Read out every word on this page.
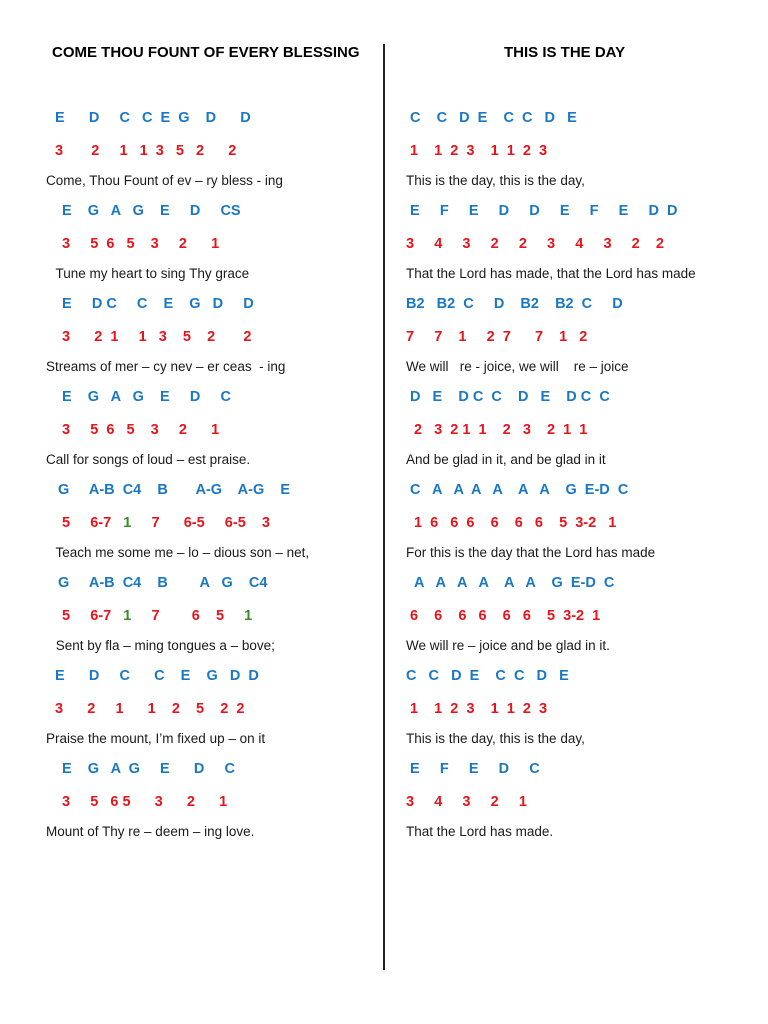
COME THOU FOUNT OF EVERY BLESSING
E      D     C   C  E  G    D      D
3       2     1   1  3   5   2      2
Come, Thou Fount of ev – ry bless - ing
E    G   A   G    E     D     CS
3     5  6   5    3     2      1
Tune my heart to sing Thy grace
E     D C     C    E    G   D     D
3      2  1     1   3    5    2       2
Streams of mer – cy nev – er ceas  - ing
E    G   A   G    E     D     C
3     5  6   5    3     2      1
Call for songs of loud – est praise.
G     A-B  C4    B       A-G    A-G    E
5     6-7   1     7      6-5     6-5    3
Teach me some me – lo – dious son – net,
G     A-B  C4    B        A   G    C4
5     6-7   1     7        6    5     1
Sent by fla – ming tongues a – bove;
E      D     C      C    E    G   D  D
3      2     1      1    2    5    2  2
Praise the mount, I’m fixed up – on it
E    G   A  G     E      D     C
3     5   6 5      3      2      1
Mount of Thy re – deem – ing love.
THIS IS THE DAY
C    C   D  E    C  C   D   E
1    1  2  3    1  1  2  3
This is the day, this is the day,
E     F     E     D     D     E     F     E     D  D
3     4     3     2     2     3     4     3     2    2
That the Lord has made, that the Lord has made
B2   B2  C     D    B2    B2  C     D
7     7    1     2  7      7    1   2
We will   re - joice, we will    re – joice
D   E    D C  C    D   E    D C  C
2   3  2 1  1    2   3    2  1  1
And be glad in it, and be glad in it
C   A   A  A   A    A   A    G  E-D  C
1  6   6  6    6    6   6    5  3-2   1
For this is the day that the Lord has made
A   A   A   A    A   A    G  E-D  C
6    6    6   6    6   6    5  3-2  1
We will re – joice and be glad in it.
C   C   D  E    C  C   D   E
1    1  2  3    1  1  2  3
This is the day, this is the day,
E     F     E     D     C
3     4     3     2     1
That the Lord has made.
